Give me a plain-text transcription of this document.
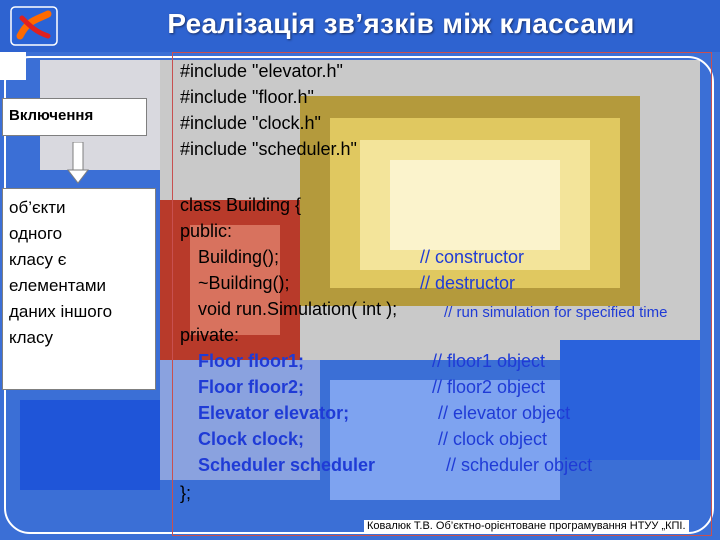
Реалізація зв’язків між классами
Включення
об’єкти
одного
класу є
елементами
даних іншого
класу
#include "elevator.h"
#include "floor.h"
#include "clock.h"
#include "scheduler.h"
class Building {
public:
Building();	// constructor
~Building();	// destructor
void run.Simulation( int );	// run simulation for specified time
private:
Floor floor1;	// floor1 object
Floor floor2;	// floor2 object
Elevator elevator;	// elevator object
Clock clock;	// clock object
Scheduler scheduler	// scheduler object
};
Ковалюк Т.В. Об’єктно-орієнтоване програмування НТУУ „КПІ.
